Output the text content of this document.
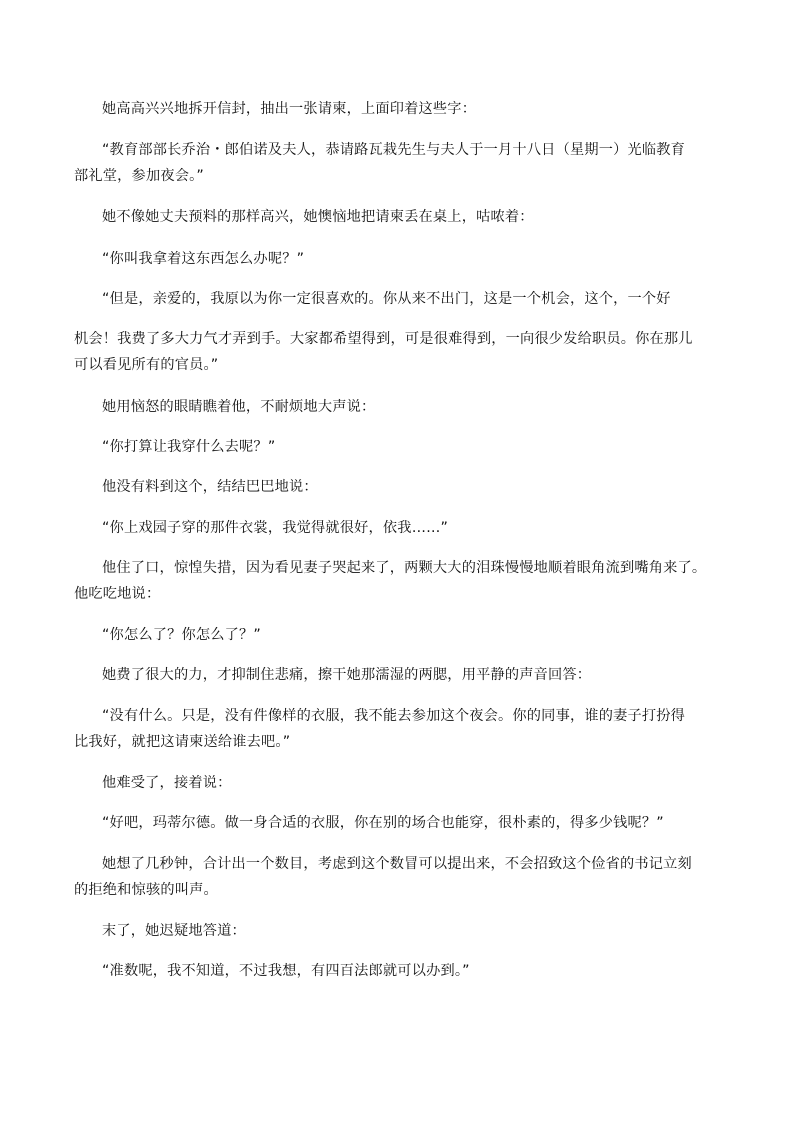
她高高兴兴地拆开信封，抽出一张请柬，上面印着这些字：
“教育部部长乔治・郎伯诺及夫人，恭请路瓦栽先生与夫人于一月十八日（星期一）光临教育
部礼堂，参加夜会。”
她不像她丈夫预料的那样高兴，她懊恼地把请柬丢在桌上，咕哝着：
“你叫我拿着这东西怎么办呢？”
“但是，亲爱的，我原以为你一定很喜欢的。你从来不出门，这是一个机会，这个，一个好
机会！我费了多大力气才弄到手。大家都希望得到，可是很难得到，一向很少发给职员。你在那儿
可以看见所有的官员。”
她用恼怒的眼睛瞧着他，不耐烦地大声说：
“你打算让我穿什么去呢？”
他没有料到这个，结结巴巴地说：
“你上戏园子穿的那件衣裳，我觉得就很好，依我……”
他住了口，惊惶失措，因为看见妻子哭起来了，两颗大大的泪珠慢慢地顺着眼角流到嘴角来了。
他吃吃地说：
“你怎么了？你怎么了？”
她费了很大的力，才抑制住悲痛，擦干她那濡湿的两腮，用平静的声音回答：
“没有什么。只是，没有件像样的衣服，我不能去参加这个夜会。你的同事，谁的妻子打扮得
比我好，就把这请柬送给谁去吧。”
他难受了，接着说：
“好吧，玛蒂尔德。做一身合适的衣服，你在别的场合也能穿，很朴素的，得多少钱呢？”
她想了几秒钟，合计出一个数目，考虑到这个数冒可以提出来，不会招致这个俭省的书记立刻
的拒绝和惊骇的叫声。
末了，她迟疑地答道：
“准数呢，我不知道，不过我想，有四百法郎就可以办到。”
